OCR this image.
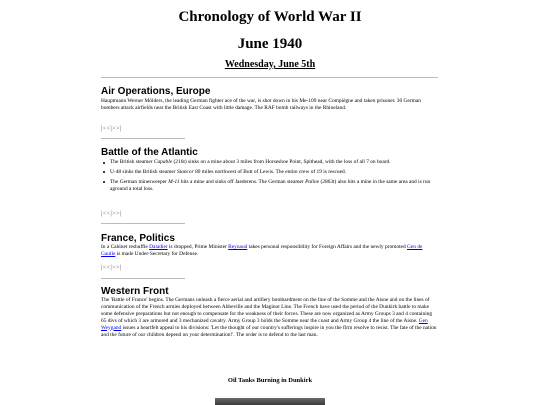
Chronology of World War II
June 1940
Wednesday, June 5th
Air Operations, Europe
Hauptmann Werner Mölders, the leading German fighter ace of the war, is shot down in his Me-109 near Compiègne and taken prisoner. 30 German bombers attack airfields near the British East Coast with little damage. The RAF bomb railways in the Rhineland.
|<<|>>|
Battle of the Atlantic
The British steamer Capable (216t) sinks on a mine about 3 miles from Horseshoe Point, Spithead, with the loss of all 7 on board.
U-48 sinks the British steamer Stancor 80 miles northwest of Butt of Lewis. The entire crew of 19 is rescued.
The German minesweeper M-11 hits a mine and sinks off Jaederens. The German steamer Paline (2863t) also hits a mine in the same area and is run aground a total loss.
|<<|>>|
France, Politics
In a Cabinet reshuffle Daladier is dropped, Prime Minister Reynaud takes personal responsibility for Foreign Affairs and the newly promoted Gen de Gaulle is made Under-Secretary for Defense.
|<<|>>|
Western Front
The 'Battle of France' begins. The Germans unleash a fierce aerial and artillery bombardment on the line of the Somme and the Aisne and on the lines of communication of the French armies deployed between Abbeville and the Maginot Line. The French have used the period of the Dunkirk battle to make some defensive preparations but not enough to compensate for the weakness of their forces. These are now organized as Army Groups 3 and 4 containing 65 divs of which 3 are armored and 3 mechanized cavalry. Army Group 3 holds the Somme near the coast and Army Group 4 the line of the Aisne. Gen Weygand issues a heartfelt appeal to his divisions: 'Let the thought of our country's sufferings inspire in you the firm resolve to resist. The fate of the nation and the future of our children depend on your determination!'. The order is to defend to the last man.
Oil Tanks Burning in Dunkirk
